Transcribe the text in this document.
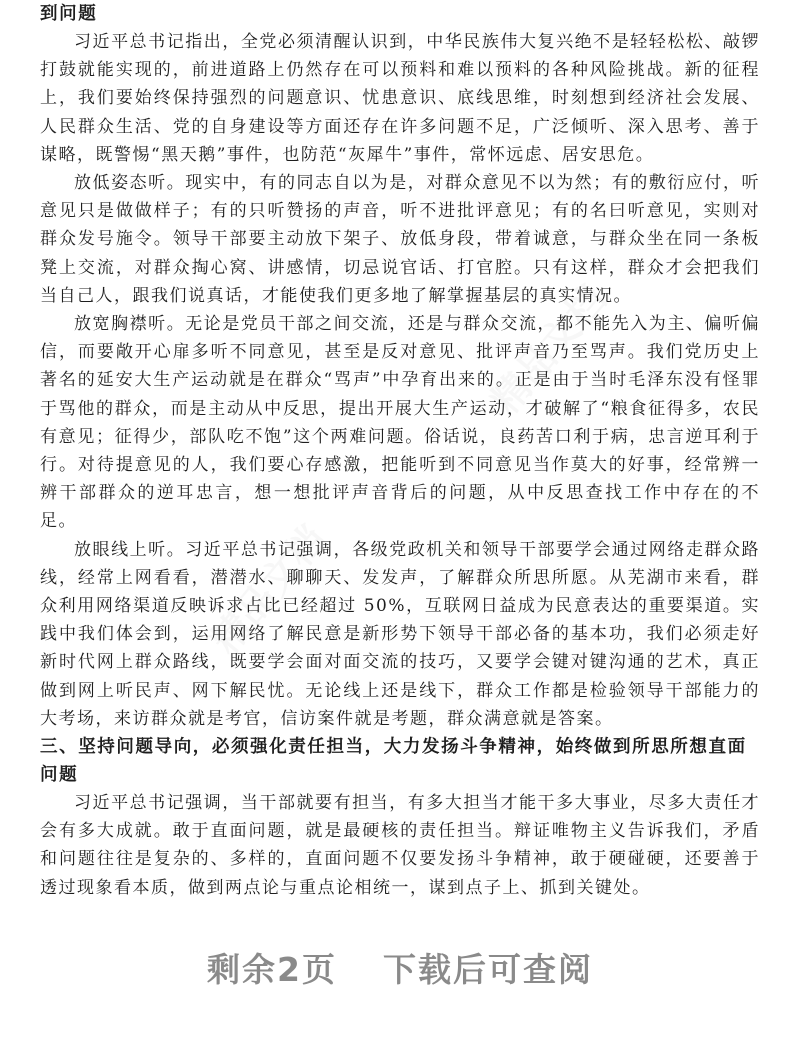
精品文档
精品文档
到问题

习近平总书记指出，全党必须清醒认识到，中华民族伟大复兴绝不是轻轻松松、敲锣打鼓就能实现的，前进道路上仍然存在可以预料和难以预料的各种风险挑战。新的征程上，我们要始终保持强烈的问题意识、忧患意识、底线思维，时刻想到经济社会发展、人民群众生活、党的自身建设等方面还存在许多问题不足，广泛倾听、深入思考、善于谋略，既警惕“黑天鹅”事件，也防范“灰犀牛”事件，常怀远虑、居安思危。

放低姿态听。现实中，有的同志自以为是，对群众意见不以为然；有的敷衍应付，听意见只是做做样子；有的只听赞扬的声音，听不进批评意见；有的名曰听意见，实则对群众发号施令。领导干部要主动放下架子、放低身段，带着诚意，与群众坐在同一条板凳上交流，对群众掏心窝、讲感情，切忌说官话、打官腔。只有这样，群众才会把我们当自己人，跟我们说真话，才能使我们更多地了解掌握基层的真实情况。

放宽胸襟听。无论是党员干部之间交流，还是与群众交流，都不能先入为主、偏听偏信，而要敞开心扉多听不同意见，甚至是反对意见、批评声音乃至骂声。我们党历史上著名的延安大生产运动就是在群众“骂声”中孕育出来的。正是由于当时毛泽东没有怪罪于骂他的群众，而是主动从中反思，提出开展大生产运动，才破解了“粮食征得多，农民有意见；征得少，部队吃不饱”这个两难问题。俗话说，良药苦口利于病，忠言逆耳利于行。对待提意见的人，我们要心存感激，把能听到不同意见当作莫大的好事，经常辨一辨干部群众的逆耳忠言，想一想批评声音背后的问题，从中反思查找工作中存在的不足。

放眼线上听。习近平总书记强调，各级党政机关和领导干部要学会通过网络走群众路线，经常上网看看，潜潜水、聊聊天、发发声，了解群众所思所愿。从芜湖市来看，群众利用网络渠道反映诉求占比已经超过 50%，互联网日益成为民意表达的重要渠道。实践中我们体会到，运用网络了解民意是新形势下领导干部必备的基本功，我们必须走好新时代网上群众路线，既要学会面对面交流的技巧，又要学会键对键沟通的艺术，真正做到网上听民声、网下解民忧。无论线上还是线下，群众工作都是检验领导干部能力的大考场，来访群众就是考官，信访案件就是考题，群众满意就是答案。

三、坚持问题导向，必须强化责任担当，大力发扬斗争精神，始终做到所思所想直面问题

习近平总书记强调，当干部就要有担当，有多大担当才能干多大事业，尽多大责任才会有多大成就。敢于直面问题，就是最硬核的责任担当。辩证唯物主义告诉我们，矛盾和问题往往是复杂的、多样的，直面问题不仅要发扬斗争精神，敢于硬碰硬，还要善于透过现象看本质，做到两点论与重点论相统一，谋到点子上、抓到关键处。

剩余2页 下载后可查阅
